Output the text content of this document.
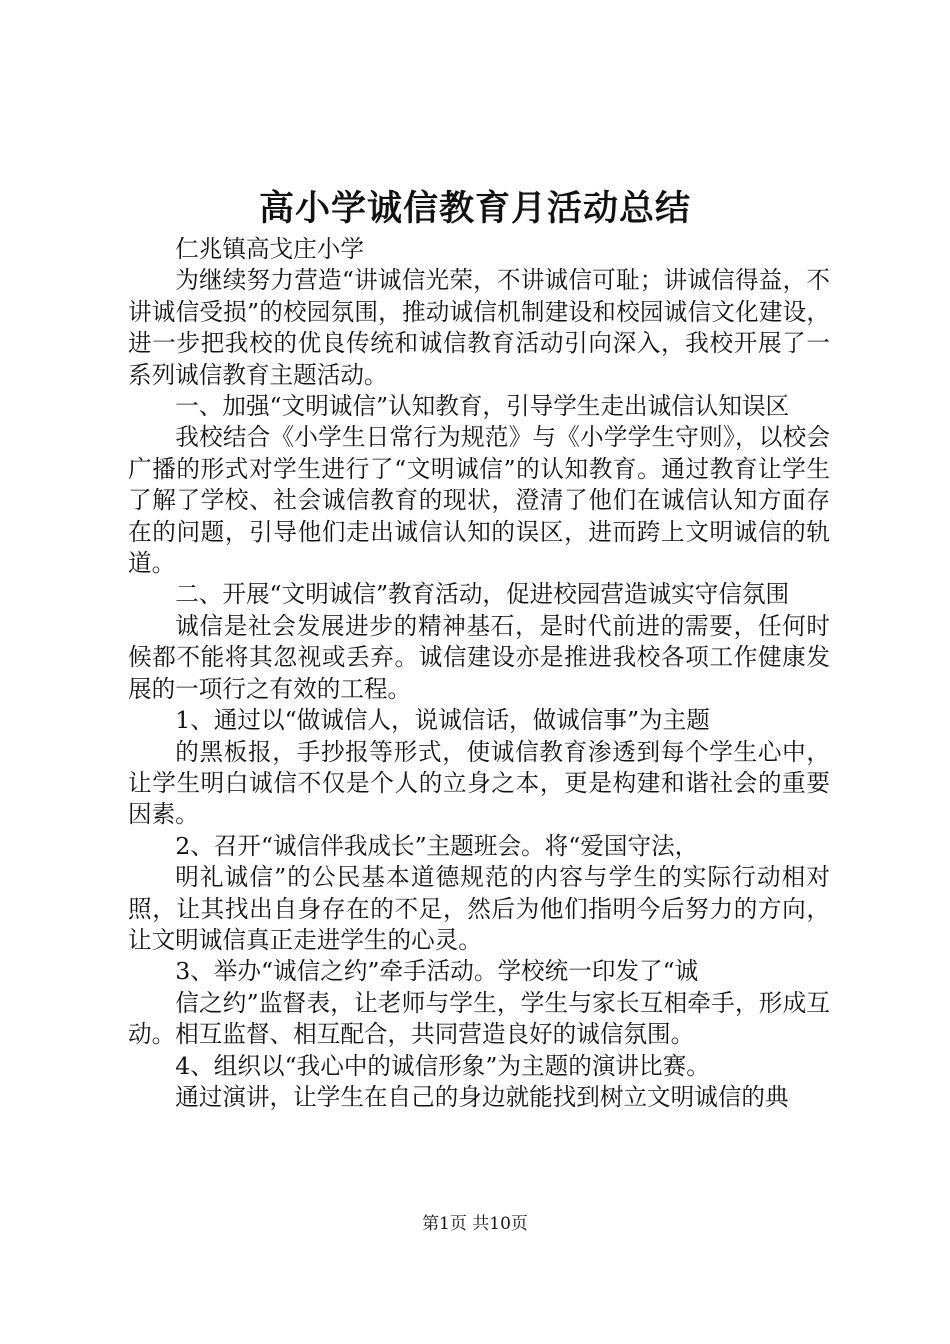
高小学诚信教育月活动总结

仁兆镇高戈庄小学

为继续努力营造“讲诚信光荣，不讲诚信可耻；讲诚信得益，不讲诚信受损”的校园氛围，推动诚信机制建设和校园诚信文化建设，进一步把我校的优良传统和诚信教育活动引向深入，我校开展了一系列诚信教育主题活动。

一、加强“文明诚信”认知教育，引导学生走出诚信认知误区

我校结合《小学生日常行为规范》与《小学学生守则》，以校会广播的形式对学生进行了“文明诚信”的认知教育。通过教育让学生了解了学校、社会诚信教育的现状，澄清了他们在诚信认知方面存在的问题，引导他们走出诚信认知的误区，进而跨上文明诚信的轨道。

二、开展“文明诚信”教育活动，促进校园营造诚实守信氛围

诚信是社会发展进步的精神基石，是时代前进的需要，任何时候都不能将其忽视或丢弃。诚信建设亦是推进我校各项工作健康发展的一项行之有效的工程。

1、通过以“做诚信人，说诚信话，做诚信事”为主题

的黑板报，手抄报等形式，使诚信教育渗透到每个学生心中，让学生明白诚信不仅是个人的立身之本，更是构建和谐社会的重要因素。

2、召开“诚信伴我成长”主题班会。将“爱国守法，

明礼诚信”的公民基本道德规范的内容与学生的实际行动相对照，让其找出自身存在的不足，然后为他们指明今后努力的方向，让文明诚信真正走进学生的心灵。

3、举办“诚信之约”牵手活动。学校统一印发了“诚

信之约”监督表，让老师与学生，学生与家长互相牵手，形成互动。相互监督、相互配合，共同营造良好的诚信氛围。

4、组织以“我心中的诚信形象”为主题的演讲比赛。

通过演讲，让学生在自己的身边就能找到树立文明诚信的典

第1页 共10页
